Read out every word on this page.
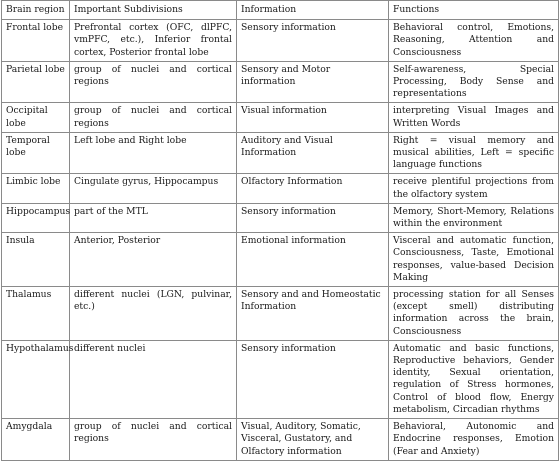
Brain region	Important Subdivisions	Information	Functions
Frontal lobe	Prefrontal cortex (OFC, dlPFC, vmPFC, etc.), Inferior frontal cortex, Posterior frontal lobe	Sensory information	Behavioral control, Emotions, Reasoning, Attention and Consciousness
Parietal lobe	group of nuclei and cortical regions	Sensory and Motor information	Self-awareness, Special Processing, Body Sense and representations
Occipital lobe	group of nuclei and cortical regions	Visual information	interpreting Visual Images and Written Words
Temporal lobe	Left lobe and Right lobe	Auditory and Visual Information	Right = visual memory and musical abilities, Left = specific language functions
Limbic lobe	Cingulate gyrus, Hippocampus	Olfactory Information	receive plentiful projections from the olfactory system
Hippocampus	part of the MTL	Sensory information	Memory, Short-Memory, Relations within the environment
Insula	Anterior, Posterior	Emotional information	Visceral and automatic function, Consciousness, Taste, Emotional responses, value-based Decision Making
Thalamus	different nuclei (LGN, pulvinar, etc.)	Sensory and and Homeostatic Information	processing station for all Senses (except smell) distributing information across the brain, Consciousness
Hypothalamus	different nuclei	Sensory information	Automatic and basic functions, Reproductive behaviors, Gender identity, Sexual orientation, regulation of Stress hormones, Control of blood flow, Energy metabolism, Circadian rhythms
Amygdala	group of nuclei and cortical regions	Visual, Auditory, Somatic, Visceral, Gustatory, and Olfactory information	Behavioral, Autonomic and Endocrine responses, Emotion (Fear and Anxiety)
